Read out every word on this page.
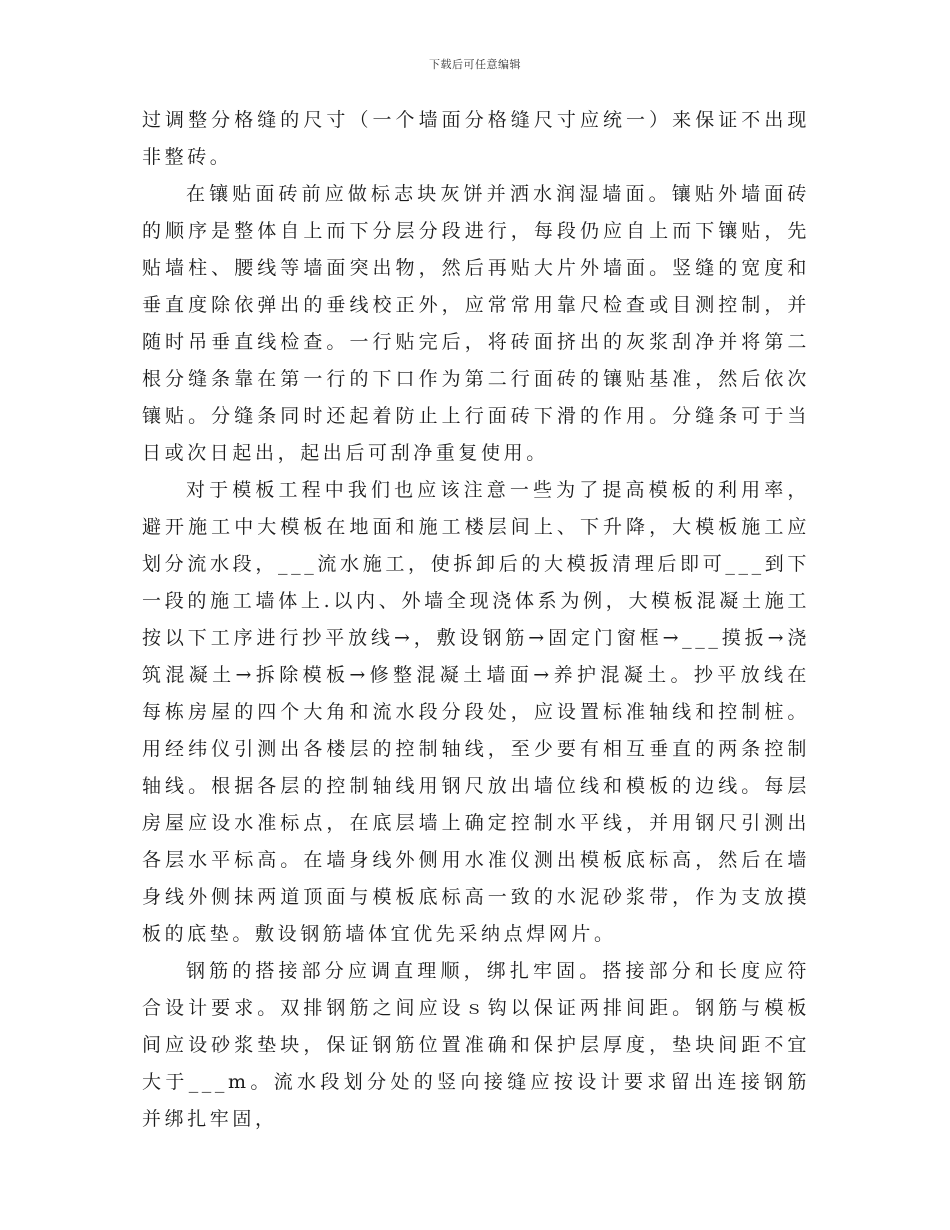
下载后可任意编辑

过调整分格缝的尺寸（一个墙面分格缝尺寸应统一）来保证不出现非整砖。

在镶贴面砖前应做标志块灰饼并洒水润湿墙面。镶贴外墙面砖的顺序是整体自上而下分层分段进行，每段仍应自上而下镶贴，先贴墙柱、腰线等墙面突出物，然后再贴大片外墙面。竖缝的宽度和垂直度除依弹出的垂线校正外，应常常用靠尺检查或目测控制，并随时吊垂直线检查。一行贴完后，将砖面挤出的灰浆刮净并将第二根分缝条靠在第一行的下口作为第二行面砖的镶贴基准，然后依次镶贴。分缝条同时还起着防止上行面砖下滑的作用。分缝条可于当日或次日起出，起出后可刮净重复使用。

对于模板工程中我们也应该注意一些为了提高模板的利用率，避开施工中大模板在地面和施工楼层间上、下升降，大模板施工应划分流水段，___流水施工，使拆卸后的大模扳清理后即可___到下一段的施工墙体上.以内、外墙全现浇体系为例，大模板混凝土施工按以下工序进行抄平放线→，敷设钢筋→固定门窗框→___摸扳→浇筑混凝土→拆除模板→修整混凝土墙面→养护混凝土。抄平放线在每栋房屋的四个大角和流水段分段处，应设置标准轴线和控制桩。用经纬仪引测出各楼层的控制轴线，至少要有相互垂直的两条控制轴线。根据各层的控制轴线用钢尺放出墙位线和模板的边线。每层房屋应设水准标点，在底层墙上确定控制水平线，并用钢尺引测出各层水平标高。在墙身线外侧用水准仪测出模板底标高，然后在墙身线外侧抹两道顶面与模板底标高一致的水泥砂浆带，作为支放摸板的底垫。敷设钢筋墙体宜优先采纳点焊网片。

钢筋的搭接部分应调直理顺，绑扎牢固。搭接部分和长度应符合设计要求。双排钢筋之间应设ｓ钩以保证两排间距。钢筋与模板间应设砂浆垫块，保证钢筋位置准确和保护层厚度，垫块间距不宜大于___m。流水段划分处的竖向接缝应按设计要求留出连接钢筋并绑扎牢固，
